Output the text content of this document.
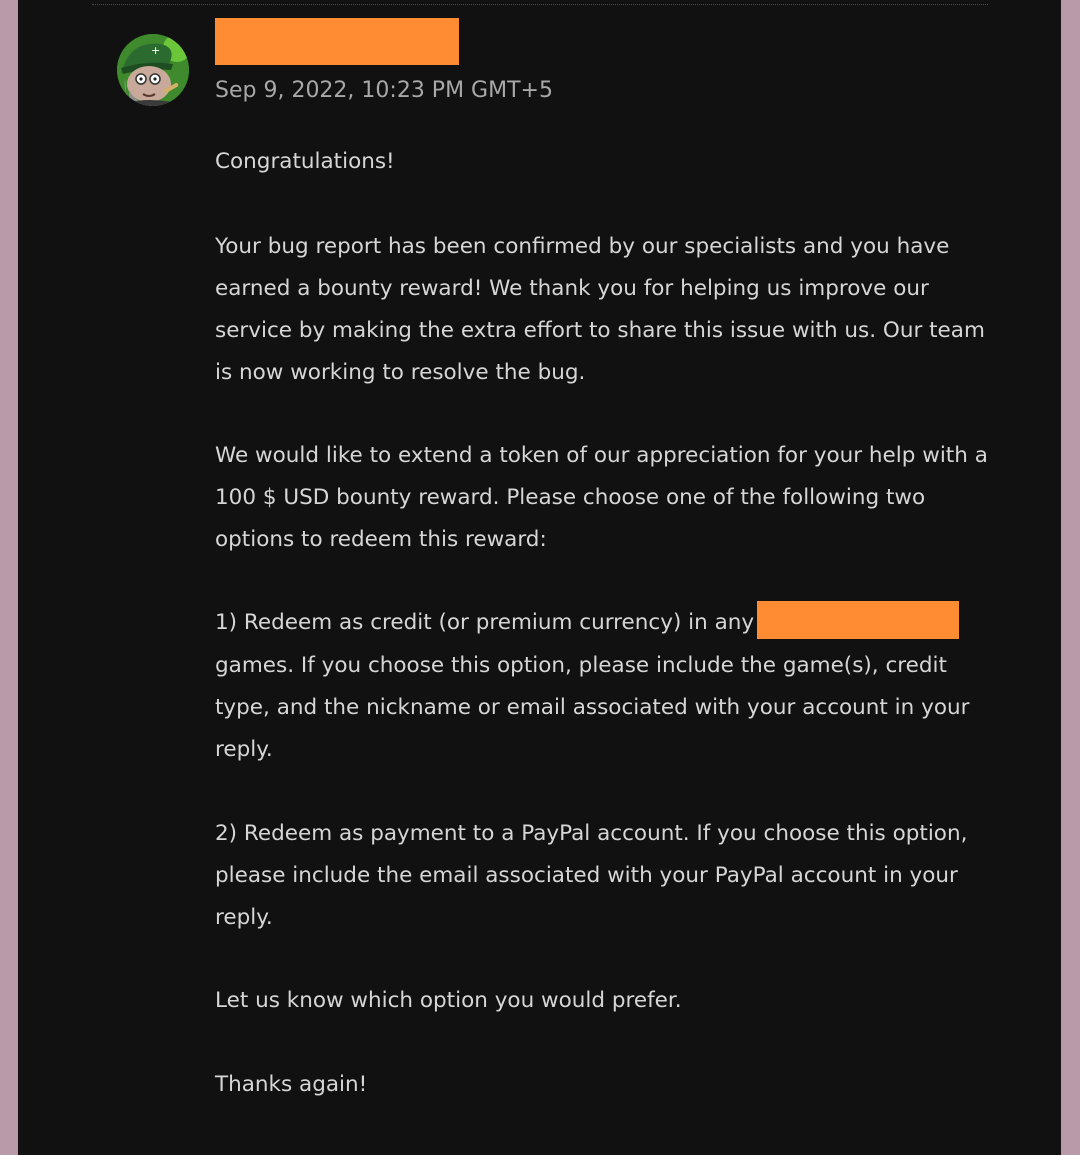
+
Sep 9, 2022, 10:23 PM GMT+5

Congratulations!

Your bug report has been confirmed by our specialists and you have earned a bounty reward! We thank you for helping us improve our service by making the extra effort to share this issue with us. Our team is now working to resolve the bug.

We would like to extend a token of our appreciation for your help with a 100 $ USD bounty reward. Please choose one of the following two options to redeem this reward:

1) Redeem as credit (or premium currency) in any

games. If you choose this option, please include the game(s), credit type, and the nickname or email associated with your account in your reply.

2) Redeem as payment to a PayPal account. If you choose this option, please include the email associated with your PayPal account in your reply.

Let us know which option you would prefer.

Thanks again!
